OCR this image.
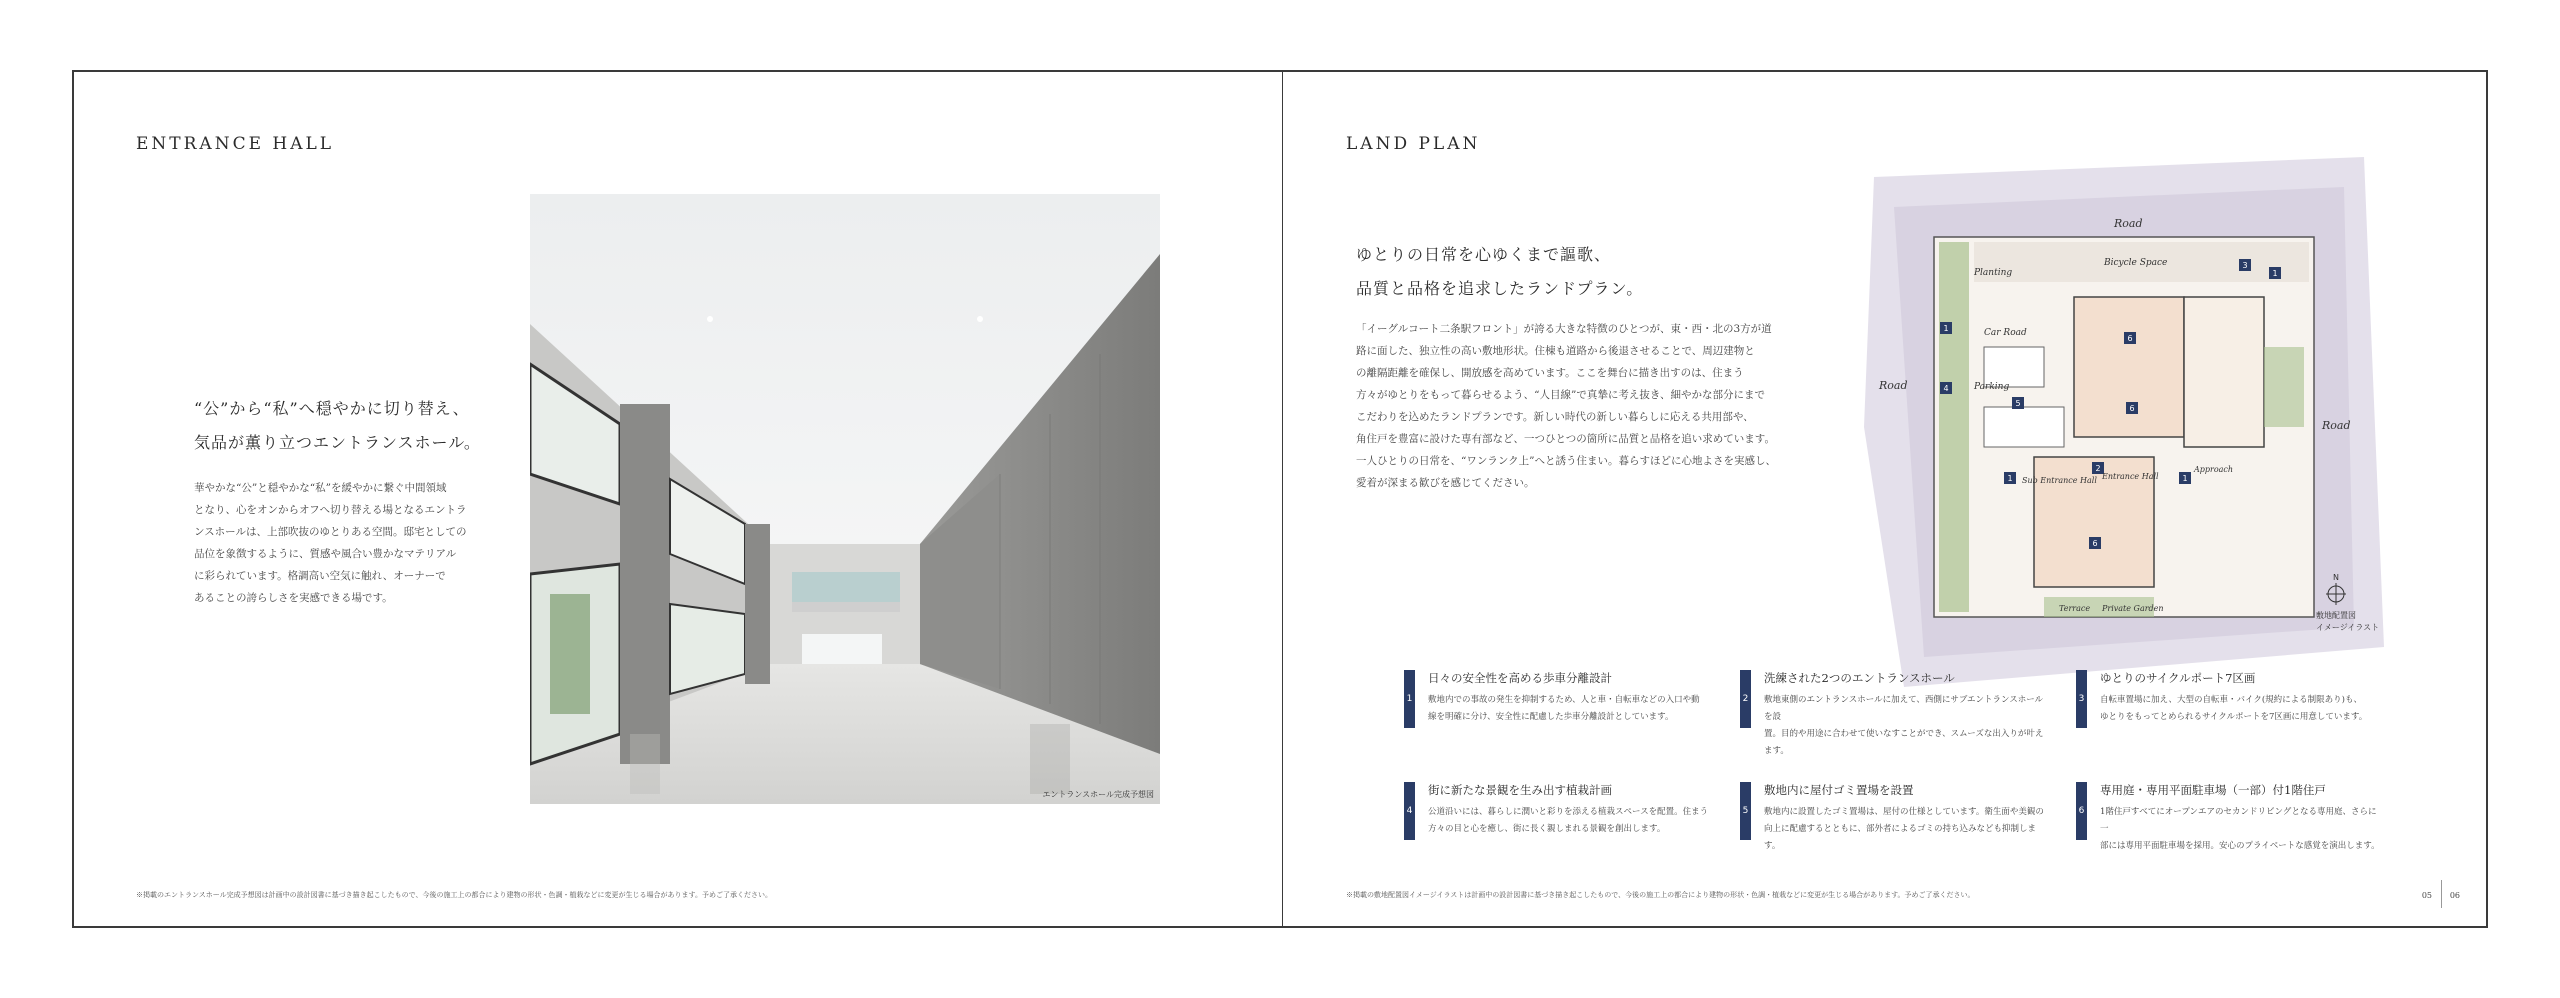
ENTRANCE HALL
“公”から“私”へ穏やかに切り替え、
気品が薫り立つエントランスホール。
華やかな“公”と穏やかな“私”を緩やかに繋ぐ中間領域
となり、心をオンからオフへ切り替える場となるエントラ
ンスホールは、上部吹抜のゆとりある空間。邸宅としての
品位を象徴するように、質感や風合い豊かなマテリアル
に彩られています。格調高い空気に触れ、オーナーで
あることの誇らしさを実感できる場です。
エントランスホール完成予想図
※掲載のエントランスホール完成予想図は計画中の設計図書に基づき描き起こしたもので、今後の施工上の都合により建物の形状・色調・植栽などに変更が生じる場合があります。予めご了承ください。
LAND PLAN
ゆとりの日常を心ゆくまで謳歌、
品質と品格を追求したランドプラン。
「イーグルコート二条駅フロント」が誇る大きな特徴のひとつが、東・西・北の3方が道
路に面した、独立性の高い敷地形状。住棟も道路から後退させることで、周辺建物と
の離隔距離を確保し、開放感を高めています。ここを舞台に描き出すのは、住まう
方々がゆとりをもって暮らせるよう、“人目線”で真摯に考え抜き、細やかな部分にまで
こだわりを込めたランドプランです。新しい時代の新しい暮らしに応える共用部や、
角住戸を豊富に設けた専有部など、一つひとつの箇所に品質と品格を追い求めています。
一人ひとりの日常を、“ワンランク上”へと誘う住まい。暮らすほどに心地よさを実感し、
愛着が深まる歓びを感じてください。
1
3
1
4
5
6
6
2
1	1
6
Road
Road
Road
Bicycle Space
Planting
Car Road
Parking
Sub Entrance Hall Entrance Hall
Approach
Terrace Private Garden
N
敷地配置図
イメージイラスト
1
日々の安全性を高める歩車分離設計
敷地内での事故の発生を抑制するため、人と車・自転車などの入口や動
線を明確に分け、安全性に配慮した歩車分離設計としています。
2
洗練された2つのエントランスホール
敷地東側のエントランスホールに加えて、西側にサブエントランスホールを設
置。目的や用途に合わせて使いなすことができ、スムーズな出入りが叶えます。
3
ゆとりのサイクルポート7区画
自転車置場に加え、大型の自転車・バイク(規約による制限あり)も、
ゆとりをもってとめられるサイクルポートを7区画に用意しています。
4
街に新たな景観を生み出す植栽計画
公道沿いには、暮らしに潤いと彩りを添える植栽スペースを配置。住まう
方々の目と心を癒し、街に長く親しまれる景観を創出します。
5
敷地内に屋付ゴミ置場を設置
敷地内に設置したゴミ置場は、屋付の仕様としています。衛生面や美観の
向上に配慮するとともに、部外者によるゴミの持ち込みなども抑制します。
6
専用庭・専用平面駐車場（一部）付1階住戸
1階住戸すべてにオープンエアのセカンドリビングとなる専用庭、さらに一
部には専用平面駐車場を採用。安心のプライベートな感覚を演出します。
※掲載の敷地配置図イメージイラストは計画中の設計図書に基づき描き起こしたもので、今後の施工上の都合により建物の形状・色調・植栽などに変更が生じる場合があります。予めご了承ください。	05 06
